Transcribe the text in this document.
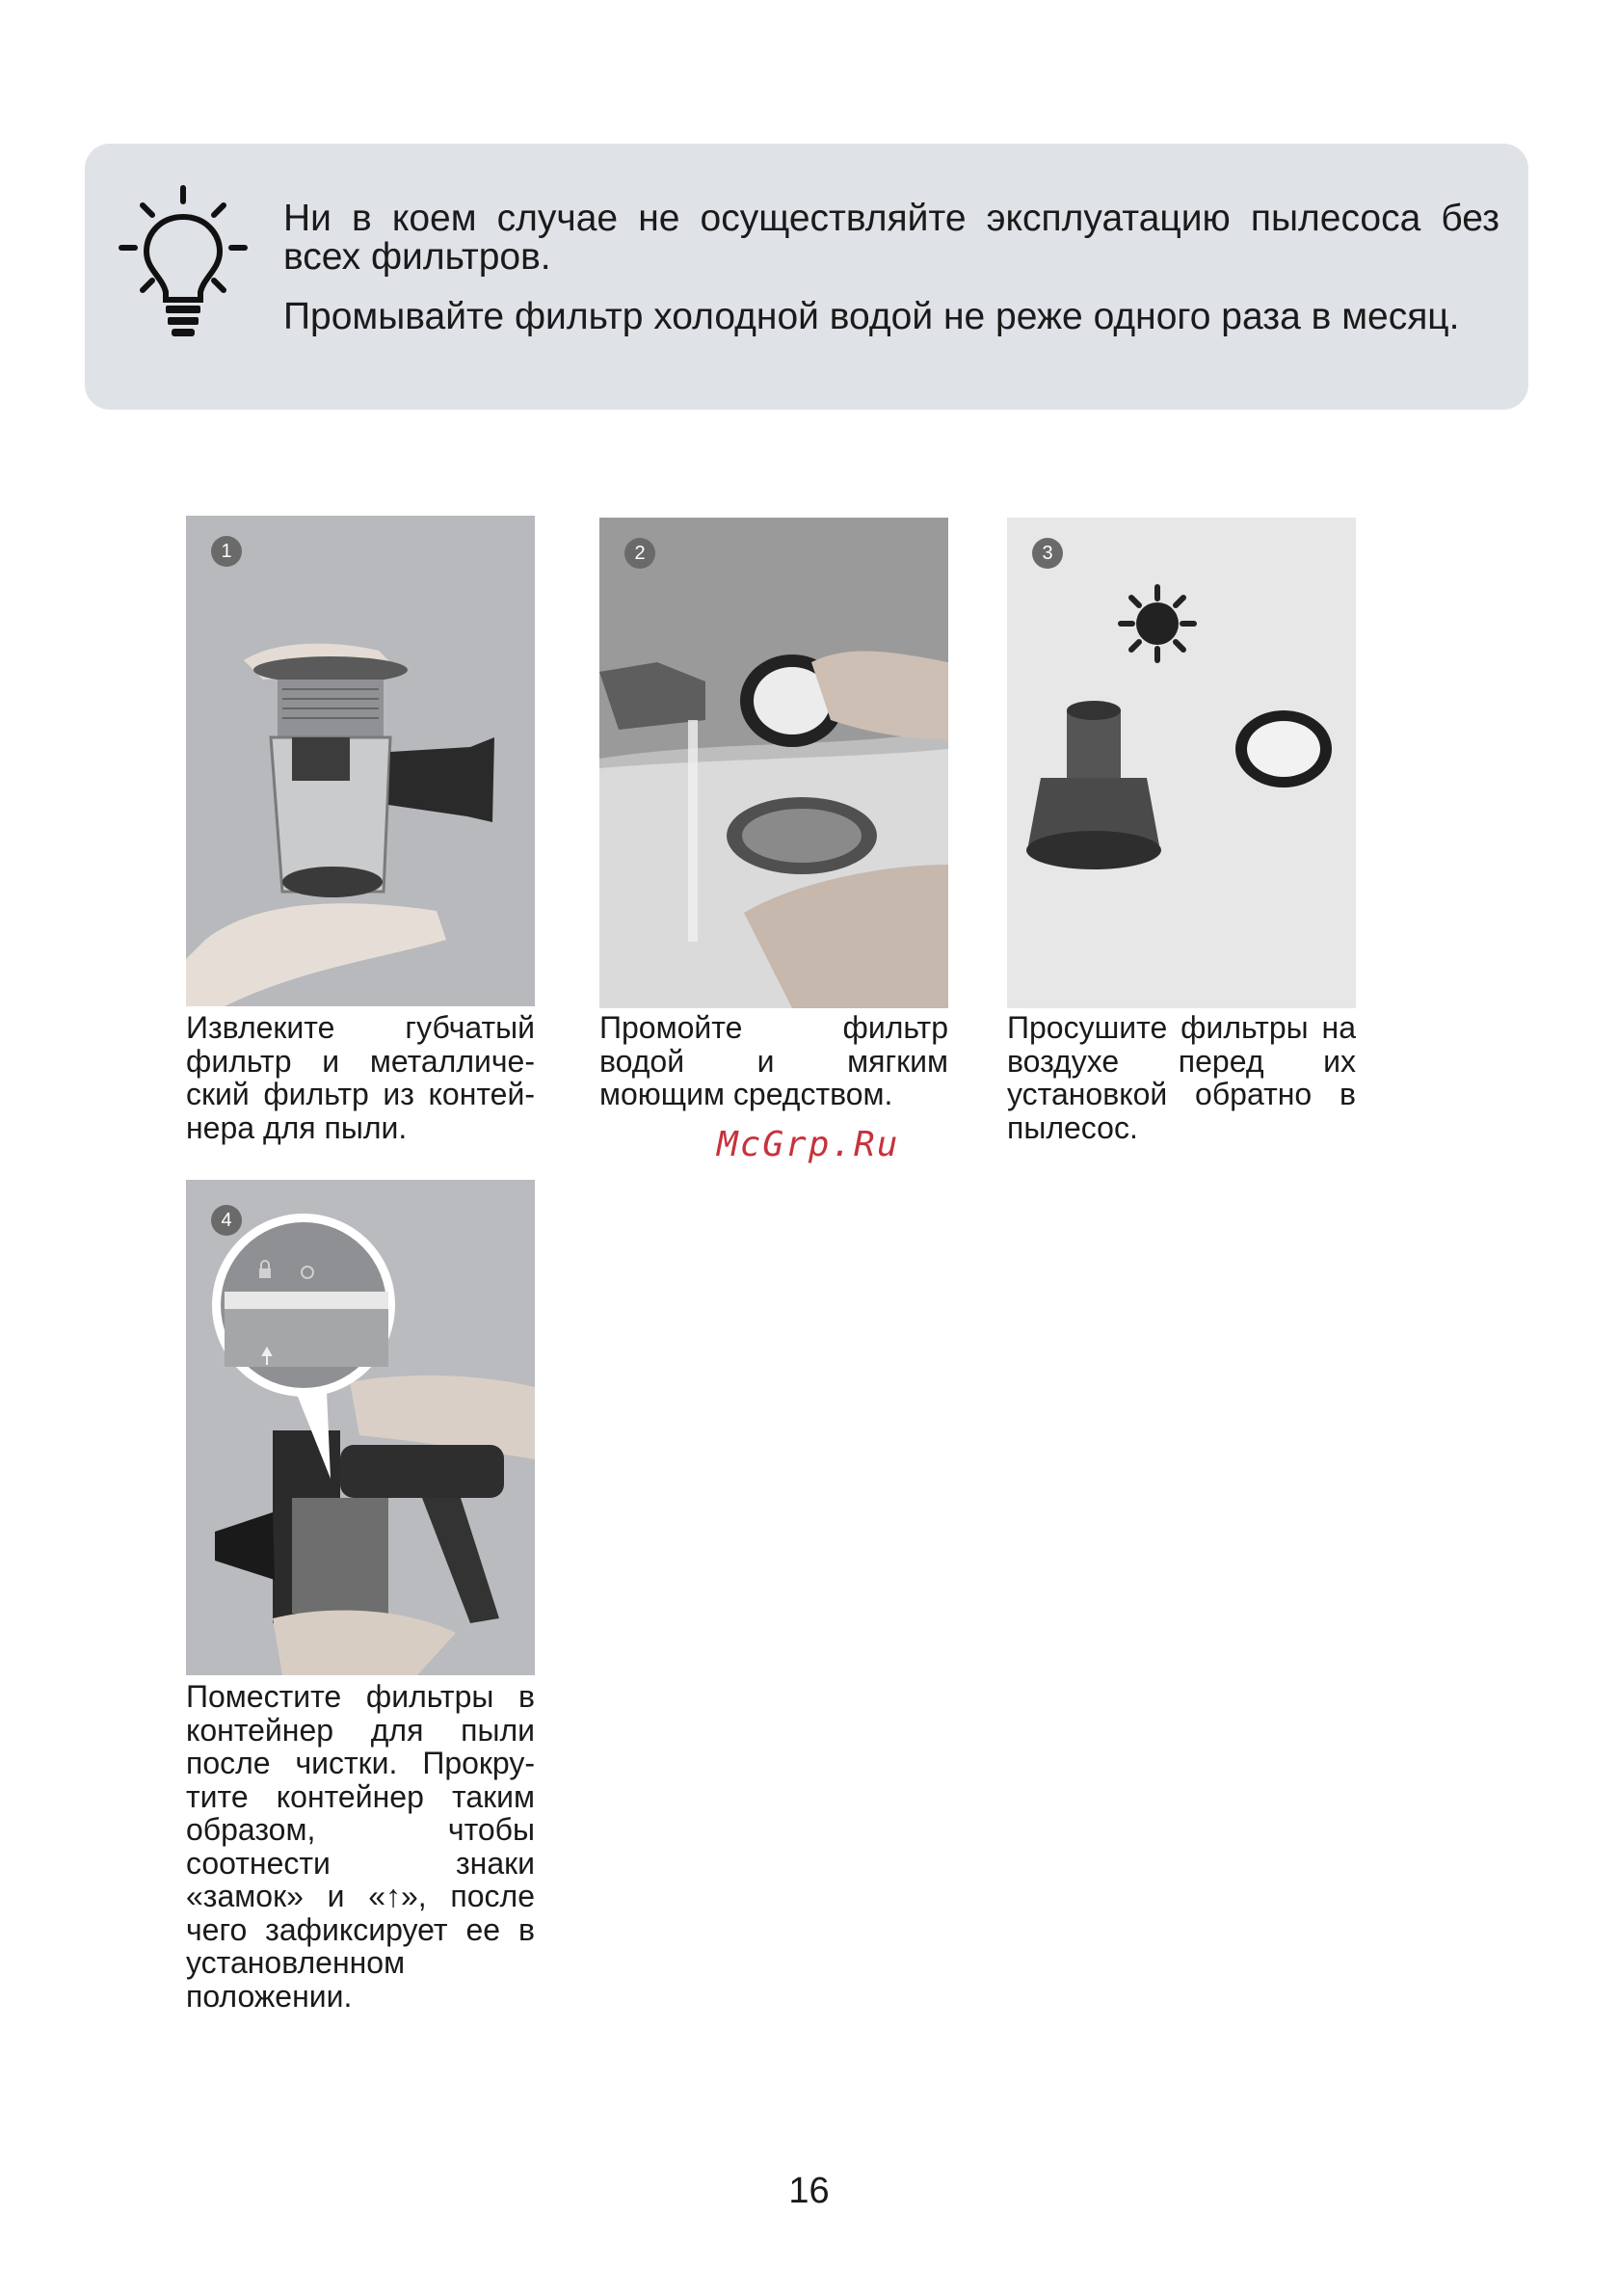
Ни в коем случае не осуществляйте эксплуатацию пылесоса без всех фильтров.

Промывайте фильтр холодной водой не реже одного раза в месяц.

1

Извлеките губчатый фильтр и металлический фильтр из контейнера для пыли.

2

Промойте фильтр водой и мягким моющим средством.

3

Просушите фильтры на воздухе перед их установкой обратно в пылесос.

4

Поместите фильтры в контейнер для пыли после чистки. Прокрутите контейнер таким образом, чтобы соотнести знаки «замок» и «↑», после чего зафиксирует ее в установленном положении.

McGrp.Ru

16
